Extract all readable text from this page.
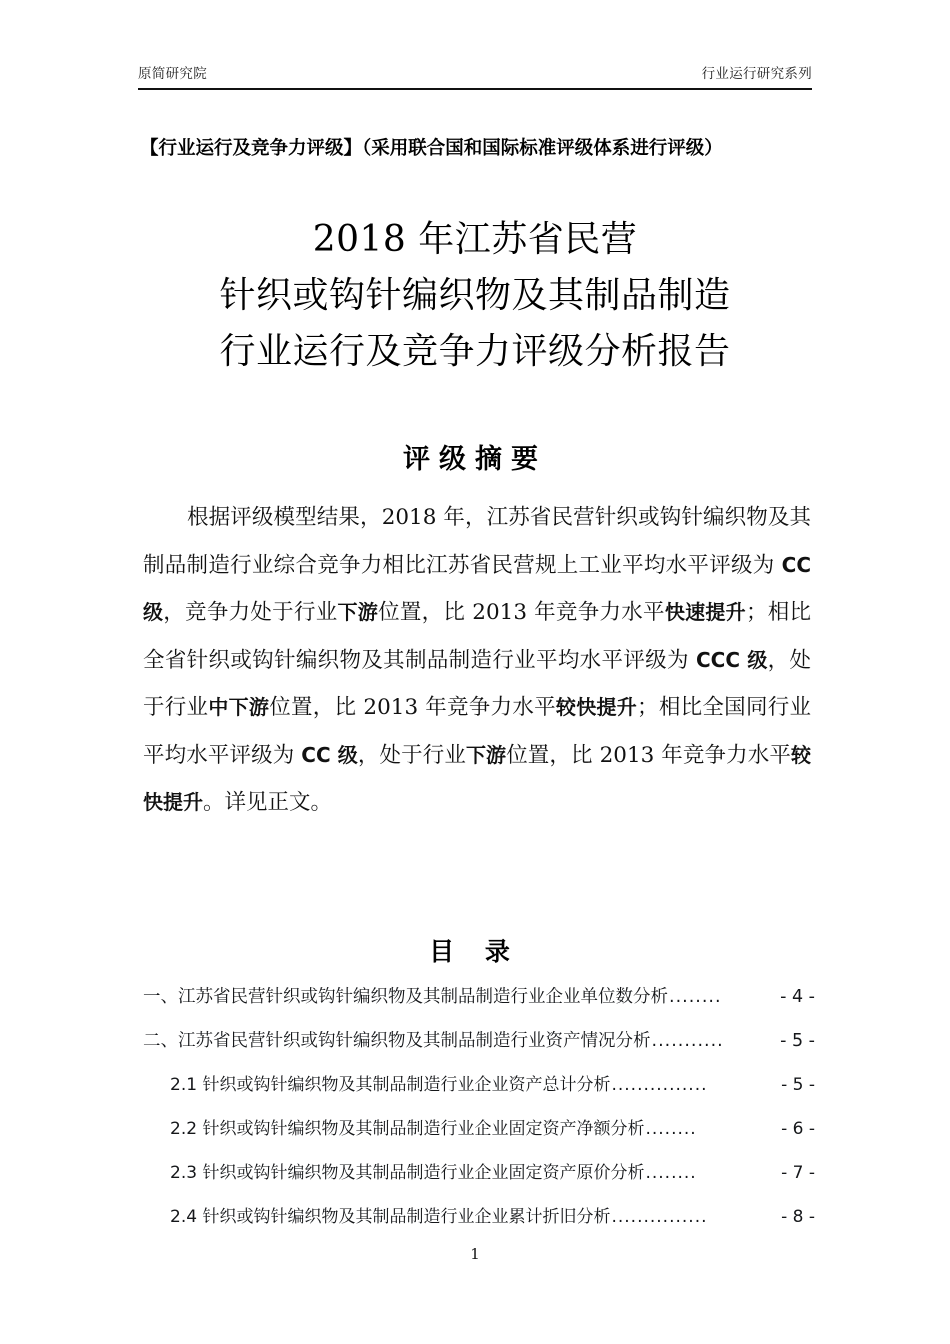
原简研究院	行业运行研究系列
【行业运行及竞争力评级】（采用联合国和国际标准评级体系进行评级）
2018 年江苏省民营
针织或钩针编织物及其制品制造
行业运行及竞争力评级分析报告
评级摘要
根据评级模型结果，2018 年，江苏省民营针织或钩针编织物及其制品制造行业综合竞争力相比江苏省民营规上工业平均水平评级为 CC 级，竞争力处于行业下游位置，比 2013 年竞争力水平快速提升；相比全省针织或钩针编织物及其制品制造行业平均水平评级为 CCC 级，处于行业中下游位置，比 2013 年竞争力水平较快提升；相比全国同行业平均水平评级为 CC 级，处于行业下游位置，比 2013 年竞争力水平较快提升。详见正文。
目 录
一、江苏省民营针织或钩针编织物及其制品制造行业企业单位数分析 ........	- 4 -
二、江苏省民营针织或钩针编织物及其制品制造行业资产情况分析 ...........	- 5 -
2.1 针织或钩针编织物及其制品制造行业企业资产总计分析 ...............	- 5 -
2.2 针织或钩针编织物及其制品制造行业企业固定资产净额分析 ........	- 6 -
2.3 针织或钩针编织物及其制品制造行业企业固定资产原价分析 ........	- 7 -
2.4 针织或钩针编织物及其制品制造行业企业累计折旧分析 ...............	- 8 -
1
